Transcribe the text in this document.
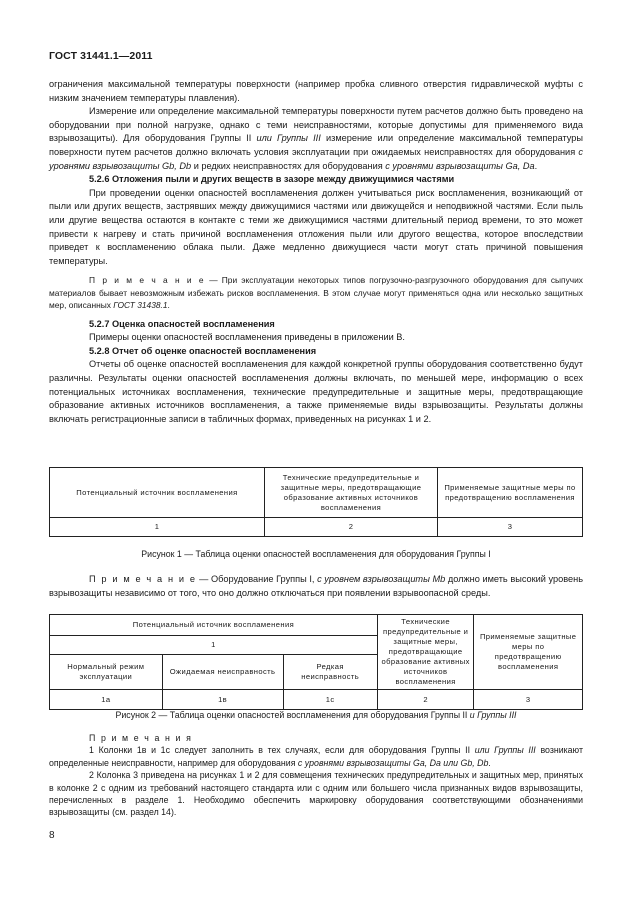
ГОСТ 31441.1—2011

ограничения максимальной температуры поверхности (например пробка сливного отверстия гидравлической муфты с низким значением температуры плавления).

Измерение или определение максимальной температуры поверхности путем расчетов должно быть проведено на оборудовании при полной нагрузке, однако с теми неисправностями, которые допустимы для применяемого вида взрывозащиты). Для оборудования Группы II или Группы III измерение или определение максимальной температуры поверхности путем расчетов должно включать условия эксплуатации при ожидаемых неисправностях для оборудования с уровнями взрывозащиты Gb, Db и редких неисправностях для оборудования с уровнями взрывозащиты Ga, Da.

5.2.6 Отложения пыли и других веществ в зазоре между движущимися частями

При проведении оценки опасностей воспламенения должен учитываться риск воспламенения, возникающий от пыли или других веществ, застрявших между движущимися частями или движущейся и неподвижной частями. Если пыль или другие вещества остаются в контакте с теми же движущимися частями длительный период времени, то это может привести к нагреву и стать причиной воспламенения отложения пыли или другого вещества, которое впоследствии приведет к воспламенению облака пыли. Даже медленно движущиеся части могут стать причиной повышения температуры.

П р и м е ч а н и е — При эксплуатации некоторых типов погрузочно-разгрузочного оборудования для сыпучих материалов бывает невозможным избежать рисков воспламенения. В этом случае могут применяться одна или несколько защитных мер, описанных ГОСТ 31438.1.

5.2.7 Оценка опасностей воспламенения

Примеры оценки опасностей воспламенения приведены в приложении В.

5.2.8 Отчет об оценке опасностей воспламенения

Отчеты об оценке опасностей воспламенения для каждой конкретной группы оборудования соответственно будут различны. Результаты оценки опасностей воспламенения должны включать, по меньшей мере, информацию о всех потенциальных источниках воспламенения, технические предупредительные и защитные меры, предотвращающие образование активных источников воспламенения, а также применяемые виды взрывозащиты. Результаты должны включать регистрационные записи в табличных формах, приведенных на рисунках 1 и 2.

Потенциальный источник воспламенения	Технические предупредительные и защитные меры, предотвращающие образование активных источников воспламенения	Применяемые защитные меры по предотвращению воспламенения
1	2	3
Рисунок 1 — Таблица оценки опасностей воспламенения для оборудования Группы I

П р и м е ч а н и е — Оборудование Группы I, с уровнем взрывозащиты Mb должно иметь высокий уровень взрывозащиты независимо от того, что оно должно отключаться при появлении взрывоопасной среды.

Потенциальный источник воспламенения			Технические предупредительные и защитные меры, предотвращающие образование активных источников воспламенения	Применяемые защитные меры по предотвращению воспламенения
1				
Нормальный режим эксплуатации	Ожидаемая неисправность	Редкая неисправность		
1а	1в	1с	2	3
Рисунок 2 — Таблица оценки опасностей воспламенения для оборудования Группы II и Группы III

П р и м е ч а н и я

1 Колонки 1в и 1с следует заполнить в тех случаях, если для оборудования Группы II или Группы III возникают определенные неисправности, например для оборудования с уровнями взрывозащиты Ga, Da или Gb, Db.

2 Колонка 3 приведена на рисунках 1 и 2 для совмещения технических предупредительных и защитных мер, принятых в колонке 2 с одним из требований настоящего стандарта или с одним или большего числа признанных видов взрывозащиты, перечисленных в разделе 1. Необходимо обеспечить маркировку оборудования соответствующими обозначениями взрывозащиты (см. раздел 14).

8
